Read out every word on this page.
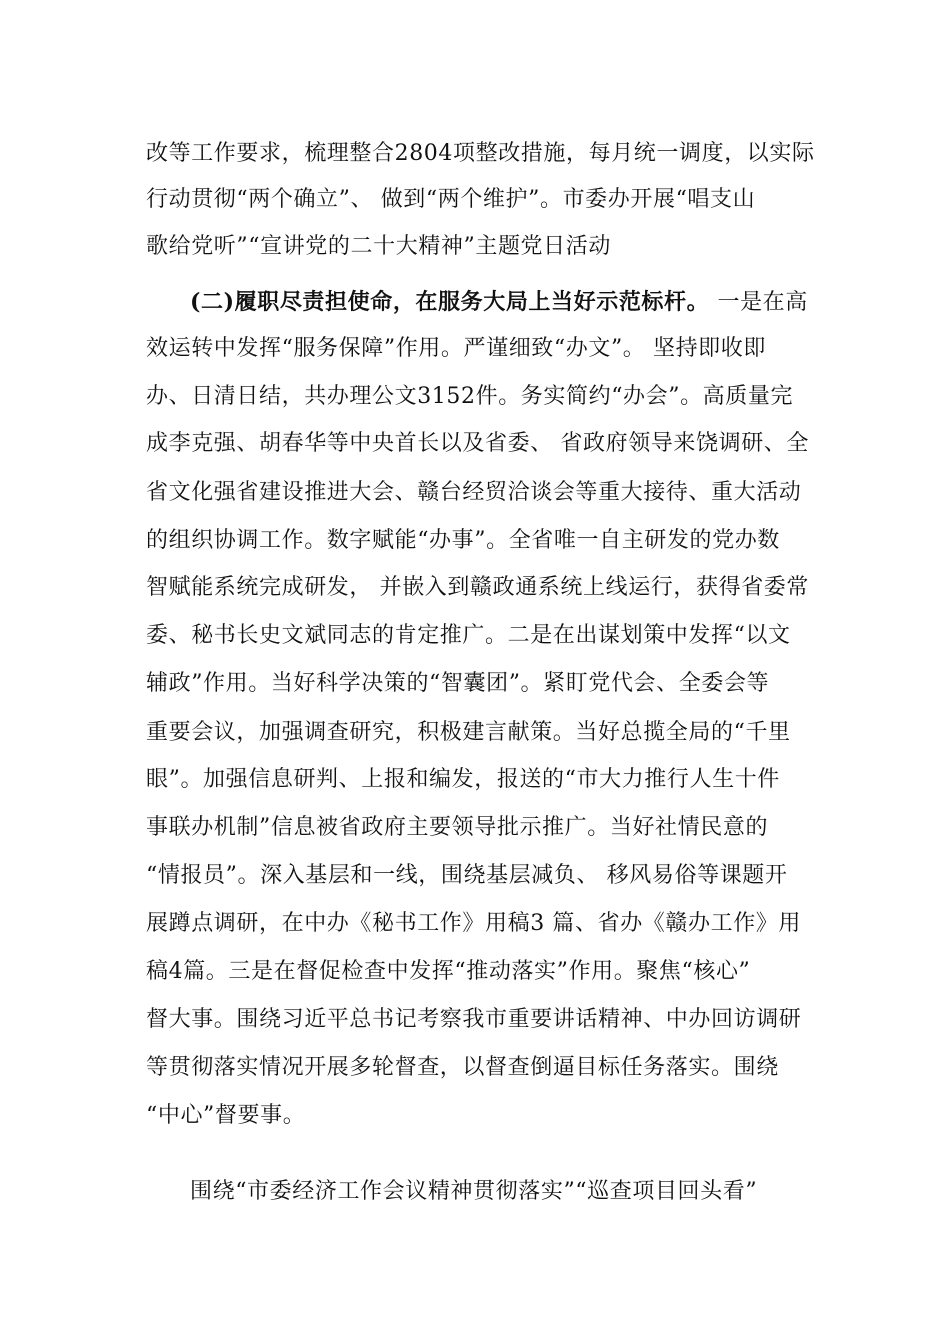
改等工作要求，梳理整合2804项整改措施，每月统一调度，以实际
行动贯彻“两个确立”、 做到“两个维护”。市委办开展“唱支山
歌给党听”“宣讲党的二十大精神”主题党日活动
(二)履职尽责担使命，在服务大局上当好示范标杆。 一是在高
效运转中发挥“服务保障”作用。严谨细致“办文”。 坚持即收即
办、日清日结，共办理公文3152件。务实简约“办会”。高质量完
成李克强、胡春华等中央首长以及省委、 省政府领导来饶调研、全
省文化强省建设推进大会、赣台经贸洽谈会等重大接待、重大活动
的组织协调工作。数字赋能“办事”。全省唯一自主研发的党办数
智赋能系统完成研发， 并嵌入到赣政通系统上线运行，获得省委常
委、秘书长史文斌同志的肯定推广。二是在出谋划策中发挥“以文
辅政”作用。当好科学决策的“智囊团”。紧盯党代会、全委会等
重要会议，加强调查研究，积极建言献策。当好总揽全局的“千里
眼”。加强信息研判、上报和编发，报送的“市大力推行人生十件
事联办机制”信息被省政府主要领导批示推广。当好社情民意的
“情报员”。深入基层和一线，围绕基层减负、 移风易俗等课题开
展蹲点调研，在中办《秘书工作》用稿3 篇、省办《赣办工作》用
稿4篇。三是在督促检查中发挥“推动落实”作用。聚焦“核心”
督大事。围绕习近平总书记考察我市重要讲话精神、中办回访调研
等贯彻落实情况开展多轮督查，以督查倒逼目标任务落实。围绕
“中心”督要事。
围绕“市委经济工作会议精神贯彻落实”“巡查项目回头看”
